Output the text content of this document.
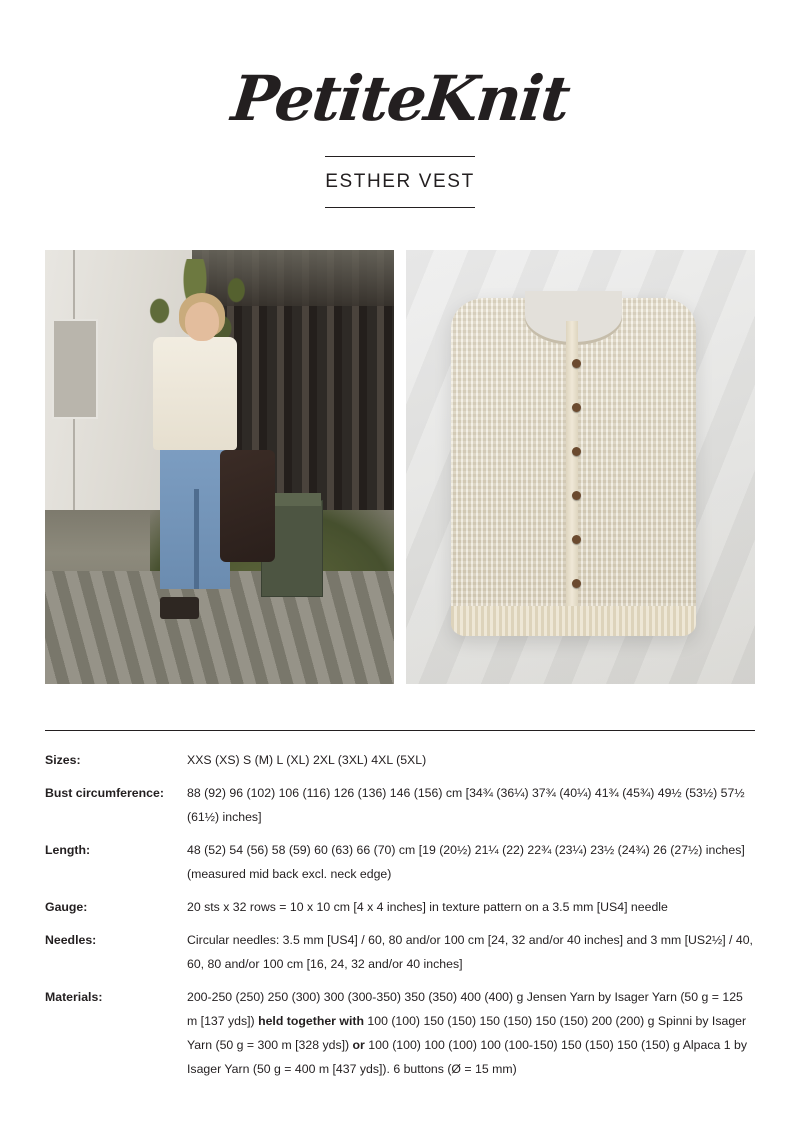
PetiteKnit
ESTHER VEST
Sizes:	XXS (XS) S (M) L (XL) 2XL (3XL) 4XL (5XL)
Bust circumference:	88 (92) 96 (102) 106 (116) 126 (136) 146 (156) cm [34¾ (36¼) 37¾ (40¼) 41¾ (45¾) 49½ (53½) 57½ (61½) inches]
Length:	48 (52) 54 (56) 58 (59) 60 (63) 66 (70) cm [19 (20½) 21¼ (22) 22¾ (23¼) 23½ (24¾) 26 (27½) inches] (measured mid back excl. neck edge)
Gauge:	20 sts x 32 rows = 10 x 10 cm [4 x 4 inches] in texture pattern on a 3.5 mm [US4] needle
Needles:	Circular needles: 3.5 mm [US4] / 60, 80 and/or 100 cm [24, 32 and/or 40 inches] and 3 mm [US2½] / 40, 60, 80 and/or 100 cm [16, 24, 32 and/or 40 inches]
Materials:	200-250 (250) 250 (300) 300 (300-350) 350 (350) 400 (400) g Jensen Yarn by Isager Yarn (50 g = 125 m [137 yds]) held together with 100 (100) 150 (150) 150 (150) 150 (150) 200 (200) g Spinni by Isager Yarn (50 g = 300 m [328 yds]) or 100 (100) 100 (100) 100 (100-150) 150 (150) 150 (150) g Alpaca 1 by Isager Yarn (50 g = 400 m [437 yds]). 6 buttons (Ø = 15 mm)
